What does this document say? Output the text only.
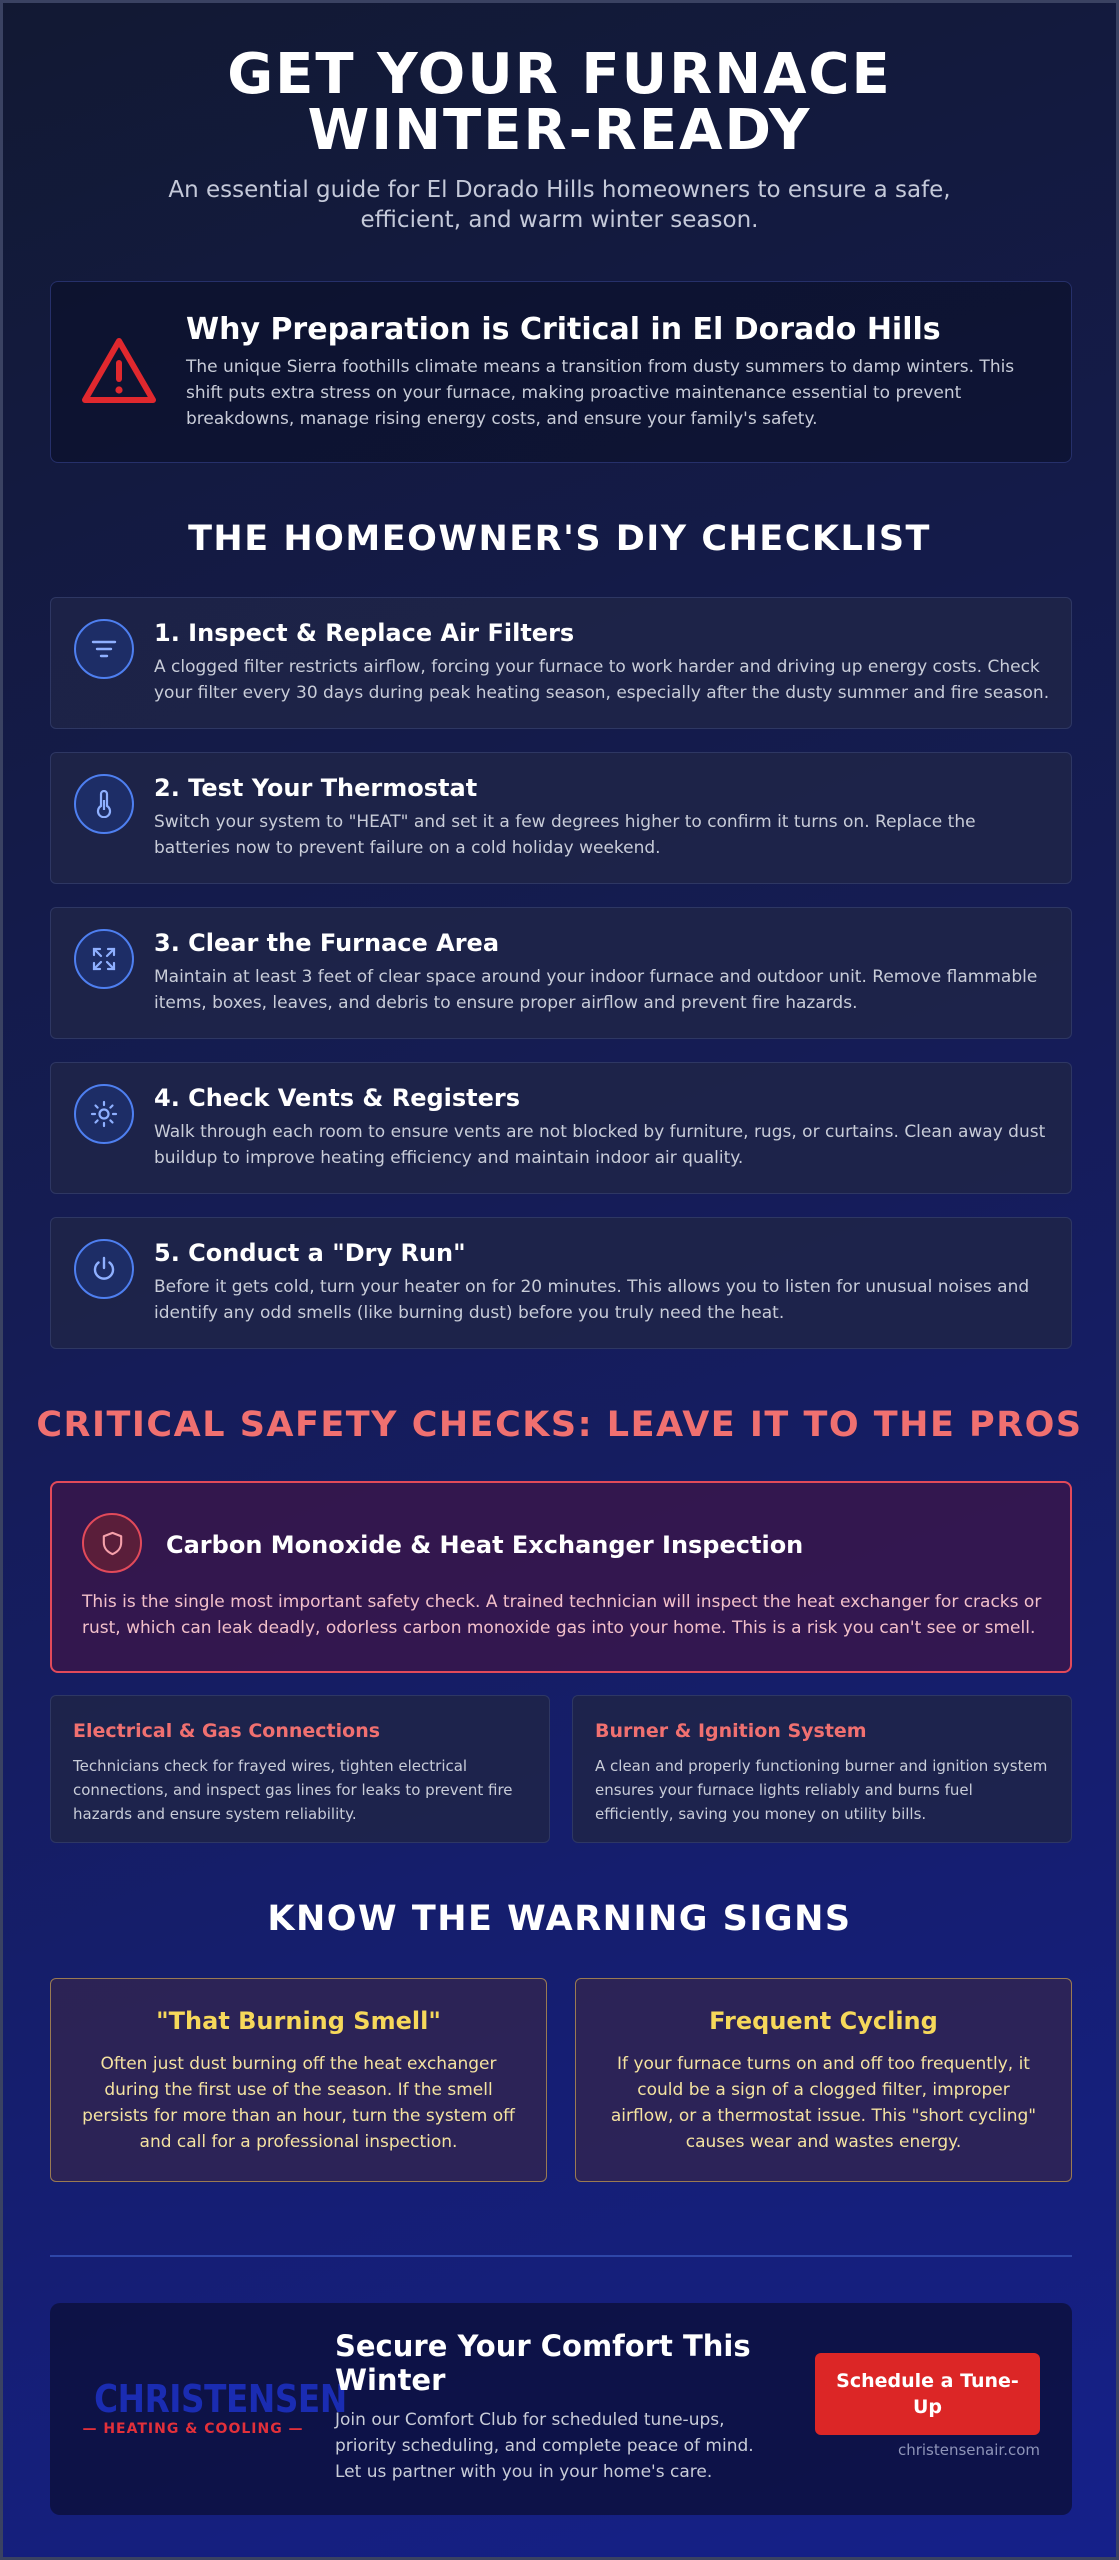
GET YOUR FURNACE WINTER-READY

An essential guide for El Dorado Hills homeowners to ensure a safe, efficient, and warm winter season.

Why Preparation is Critical in El Dorado Hills

The unique Sierra foothills climate means a transition from dusty summers to damp winters. This shift puts extra stress on your furnace, making proactive maintenance essential to prevent breakdowns, manage rising energy costs, and ensure your family's safety.

THE HOMEOWNER'S DIY CHECKLIST
1. Inspect & Replace Air Filters

A clogged filter restricts airflow, forcing your furnace to work harder and driving up energy costs. Check your filter every 30 days during peak heating season, especially after the dusty summer and fire season.

2. Test Your Thermostat

Switch your system to "HEAT" and set it a few degrees higher to confirm it turns on. Replace the batteries now to prevent failure on a cold holiday weekend.

3. Clear the Furnace Area

Maintain at least 3 feet of clear space around your indoor furnace and outdoor unit. Remove flammable items, boxes, leaves, and debris to ensure proper airflow and prevent fire hazards.

4. Check Vents & Registers

Walk through each room to ensure vents are not blocked by furniture, rugs, or curtains. Clean away dust buildup to improve heating efficiency and maintain indoor air quality.

5. Conduct a "Dry Run"

Before it gets cold, turn your heater on for 20 minutes. This allows you to listen for unusual noises and identify any odd smells (like burning dust) before you truly need the heat.

CRITICAL SAFETY CHECKS: LEAVE IT TO THE PROS
Carbon Monoxide & Heat Exchanger Inspection

This is the single most important safety check. A trained technician will inspect the heat exchanger for cracks or rust, which can leak deadly, odorless carbon monoxide gas into your home. This is a risk you can't see or smell.

Electrical & Gas Connections

Technicians check for frayed wires, tighten electrical connections, and inspect gas lines for leaks to prevent fire hazards and ensure system reliability.

Burner & Ignition System

A clean and properly functioning burner and ignition system ensures your furnace lights reliably and burns fuel efficiently, saving you money on utility bills.

KNOW THE WARNING SIGNS
"That Burning Smell"

Often just dust burning off the heat exchanger during the first use of the season. If the smell persists for more than an hour, turn the system off and call for a professional inspection.

Frequent Cycling

If your furnace turns on and off too frequently, it could be a sign of a clogged filter, improper airflow, or a thermostat issue. This "short cycling" causes wear and wastes energy.

CHRISTENSEN
— HEATING & COOLING —
Secure Your Comfort This Winter

Join our Comfort Club for scheduled tune-ups, priority scheduling, and complete peace of mind. Let us partner with you in your home's care.

Schedule a Tune-Up
christensenair.com
